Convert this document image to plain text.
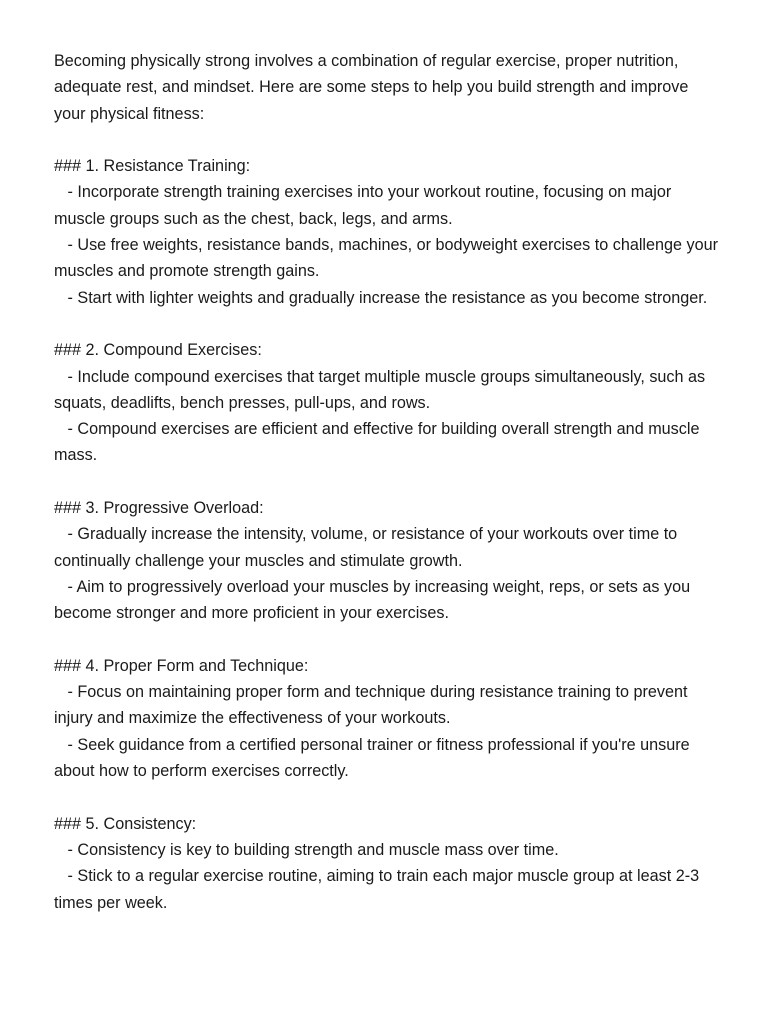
Becoming physically strong involves a combination of regular exercise, proper nutrition, adequate rest, and mindset. Here are some steps to help you build strength and improve your physical fitness:

### 1. Resistance Training:

- Incorporate strength training exercises into your workout routine, focusing on major muscle groups such as the chest, back, legs, and arms.

- Use free weights, resistance bands, machines, or bodyweight exercises to challenge your muscles and promote strength gains.

- Start with lighter weights and gradually increase the resistance as you become stronger.

### 2. Compound Exercises:

- Include compound exercises that target multiple muscle groups simultaneously, such as squats, deadlifts, bench presses, pull-ups, and rows.

- Compound exercises are efficient and effective for building overall strength and muscle mass.

### 3. Progressive Overload:

- Gradually increase the intensity, volume, or resistance of your workouts over time to continually challenge your muscles and stimulate growth.

- Aim to progressively overload your muscles by increasing weight, reps, or sets as you become stronger and more proficient in your exercises.

### 4. Proper Form and Technique:

- Focus on maintaining proper form and technique during resistance training to prevent injury and maximize the effectiveness of your workouts.

- Seek guidance from a certified personal trainer or fitness professional if you're unsure about how to perform exercises correctly.

### 5. Consistency:

- Consistency is key to building strength and muscle mass over time.

- Stick to a regular exercise routine, aiming to train each major muscle group at least 2-3 times per week.
